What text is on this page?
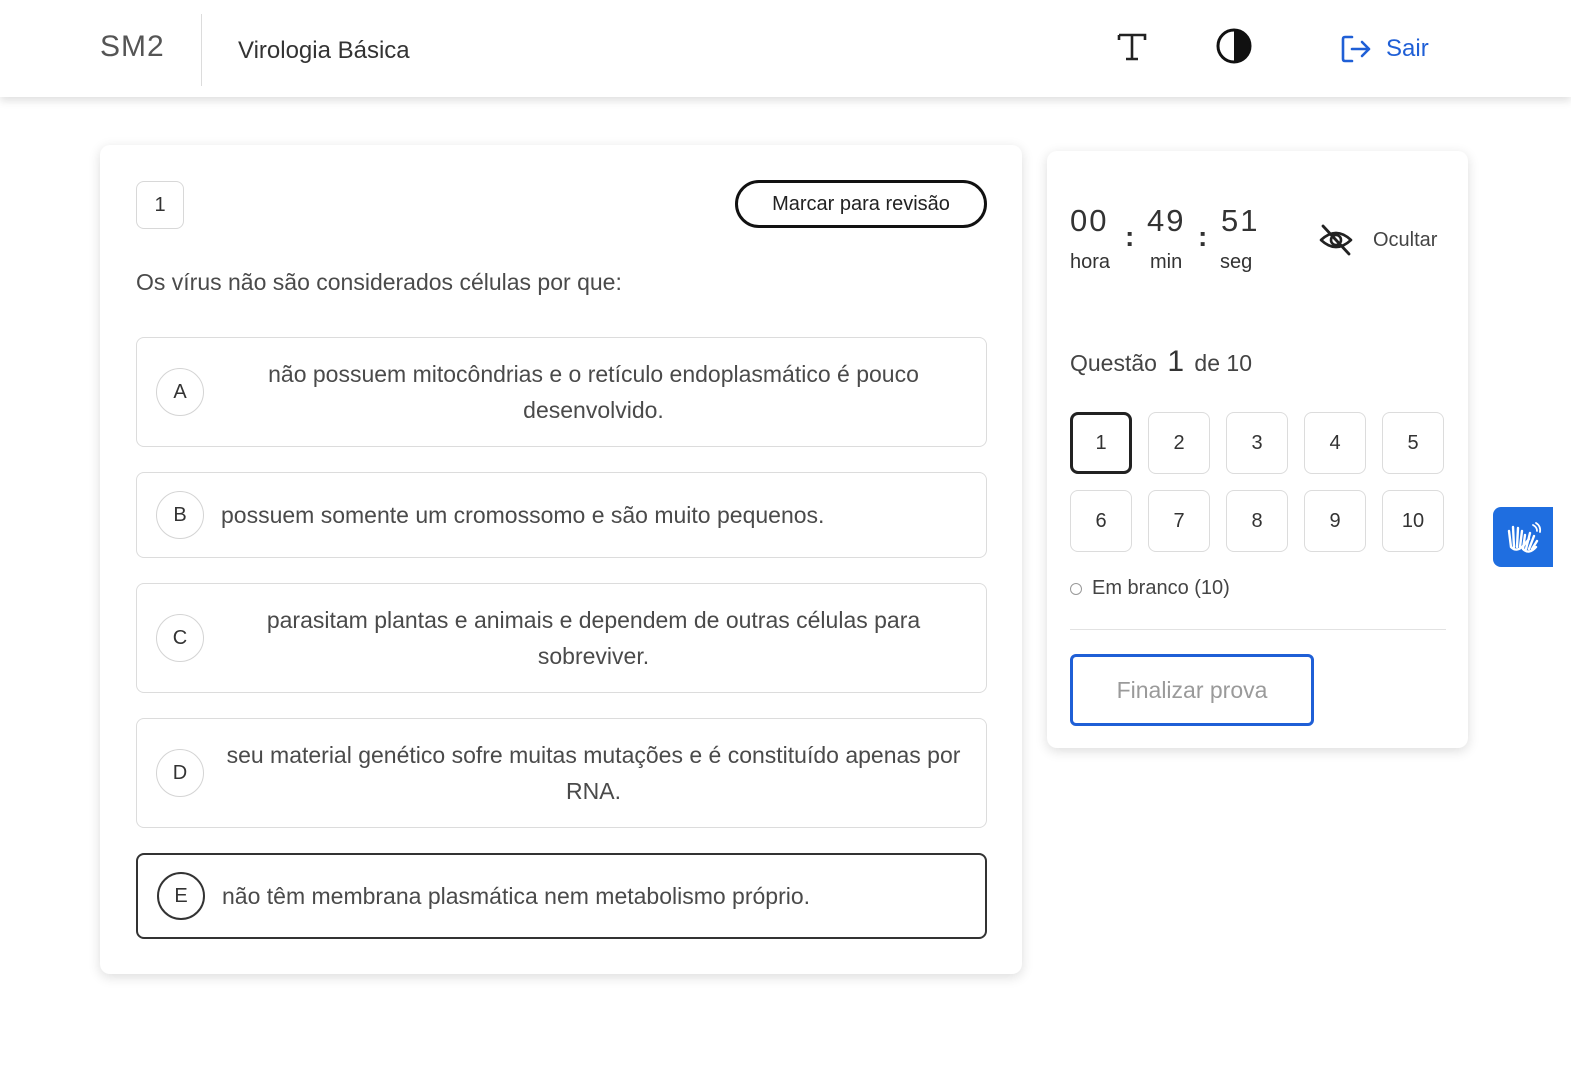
SM2	Virologia Básica	Sair
1	Marcar para revisão
Os vírus não são considerados células por que:
A
não possuem mitocôndrias e o retículo endoplasmático é pouco desenvolvido.
B	possuem somente um cromossomo e são muito pequenos.
C
parasitam plantas e animais e dependem de outras células para sobreviver.
D
seu material genético sofre muitas mutações e é constituído apenas por RNA.
E	não têm membrana plasmática nem metabolismo próprio.
00 : 49 : 51
hora min seg
Ocultar
Questão 1 de 10
1	2	3	4	5
6	7	8	9	10
Em branco (10)
Finalizar prova
